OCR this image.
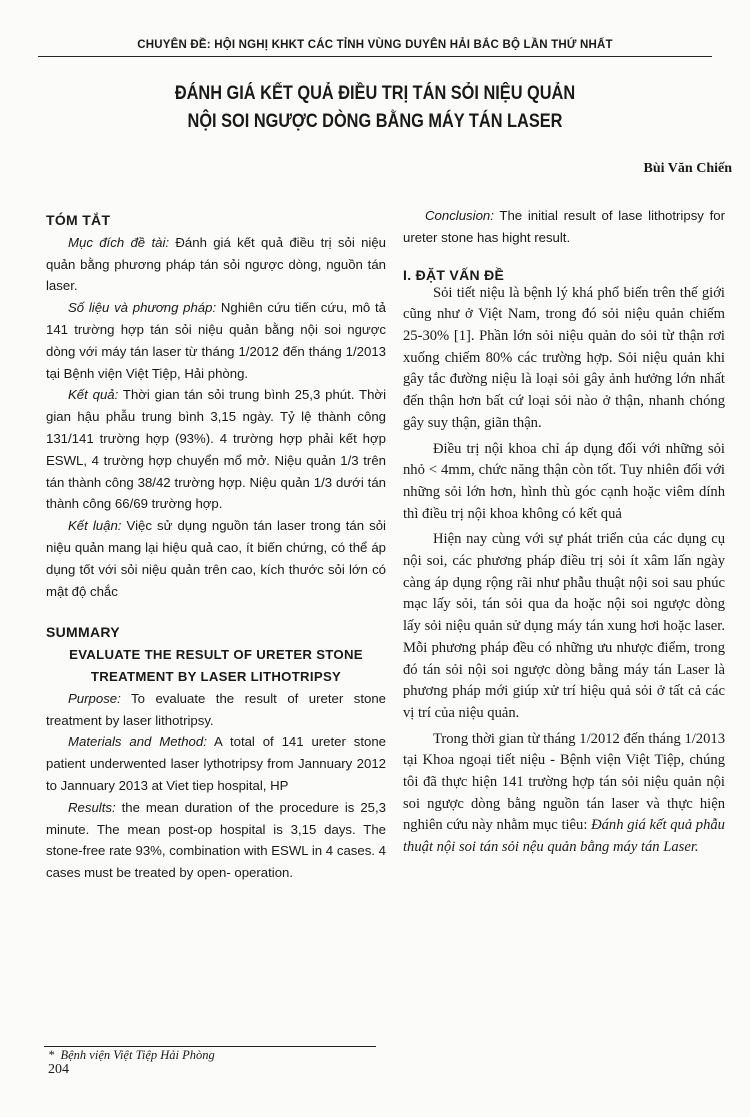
CHUYÊN ĐỀ: HỘI NGHỊ KHKT CÁC TỈNH VÙNG DUYÊN HẢI BẮC BỘ LẦN THỨ NHẤT
ĐÁNH GIÁ KẾT QUẢ ĐIỀU TRỊ TÁN SỎI NIỆU QUẢN
NỘI SOI NGƯỢC DÒNG BẰNG MÁY TÁN LASER
Bùi Văn Chiến
TÓM TẮT

Mục đích đề tài: Đánh giá kết quả điều trị sỏi niệu quản bằng phương pháp tán sỏi ngược dòng, nguồn tán laser.

Số liệu và phương pháp: Nghiên cứu tiến cứu, mô tả 141 trường hợp tán sỏi niệu quản bằng nội soi ngược dòng với máy tán laser từ tháng 1/2012 đến tháng 1/2013 tại Bệnh viện Việt Tiệp, Hải phòng.

Kết quả: Thời gian tán sỏi trung bình 25,3 phút. Thời gian hậu phẫu trung bình 3,15 ngày. Tỷ lệ thành công 131/141 trường hợp (93%). 4 trường hợp phải kết hợp ESWL, 4 trường hợp chuyển mổ mở. Niệu quản 1/3 trên tán thành công 38/42 trường hợp. Niệu quản 1/3 dưới tán thành công 66/69 trường hợp.

Kết luận: Việc sử dụng nguồn tán laser trong tán sỏi niệu quản mang lại hiệu quả cao, ít biến chứng, có thể áp dụng tốt với sỏi niệu quản trên cao, kích thước sỏi lớn có mật độ chắc

SUMMARY
EVALUATE THE RESULT OF URETER STONE TREATMENT BY LASER LITHOTRIPSY

Purpose: To evaluate the result of ureter stone treatment by laser lithotripsy.

Materials and Method: A total of 141 ureter stone patient underwented laser lythotripsy from Jannuary 2012 to Jannuary 2013 at Viet tiep hospital, HP

Results: the mean duration of the procedure is 25,3 minute. The mean post-op hospital is 3,15 days. The stone-free rate 93%, combination with ESWL in 4 cases. 4 cases must be treated by open- operation.

Conclusion: The initial result of lase lithotripsy for ureter stone has hight result.

I. ĐẶT VẤN ĐỀ

Sỏi tiết niệu là bệnh lý khá phổ biến trên thế giới cũng như ở Việt Nam, trong đó sỏi niệu quản chiếm 25-30% [1]. Phần lớn sỏi niệu quản do sỏi từ thận rơi xuống chiếm 80% các trường hợp. Sỏi niệu quản khi gây tắc đường niệu là loại sỏi gây ảnh hưởng lớn nhất đến thận hơn bất cứ loại sỏi nào ở thận, nhanh chóng gây suy thận, giãn thận.

Điều trị nội khoa chỉ áp dụng đối với những sỏi nhỏ < 4mm, chức năng thận còn tốt. Tuy nhiên đối với những sỏi lớn hơn, hình thù góc cạnh hoặc viêm dính thì điều trị nội khoa không có kết quả

Hiện nay cùng với sự phát triển của các dụng cụ nội soi, các phương pháp điều trị sỏi ít xâm lấn ngày càng áp dụng rộng rãi như phẫu thuật nội soi sau phúc mạc lấy sỏi, tán sỏi qua da hoặc nội soi ngược dòng lấy sỏi niệu quản sử dụng máy tán xung hơi hoặc laser. Mỗi phương pháp đều có những ưu nhược điểm, trong đó tán sỏi nội soi ngược dòng bằng máy tán Laser là phương pháp mới giúp xử trí hiệu quả sỏi ở tất cả các vị trí của niệu quản.

Trong thời gian từ tháng 1/2012 đến tháng 1/2013 tại Khoa ngoại tiết niệu - Bệnh viện Việt Tiệp, chúng tôi đã thực hiện 141 trường hợp tán sỏi niệu quản nội soi ngược dòng bằng nguồn tán laser và thực hiện nghiên cứu này nhằm mục tiêu: Đánh giá kết quả phẫu thuật nội soi tán sỏi nệu quản bằng máy tán Laser.

* Bệnh viện Việt Tiệp Hải Phòng
204
